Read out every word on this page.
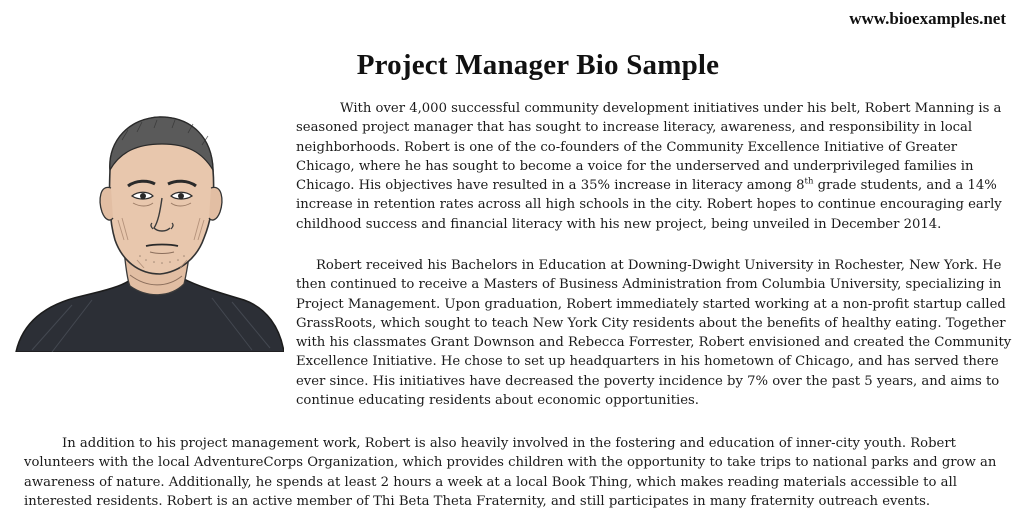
www.bioexamples.net
Project Manager Bio Sample

With over 4,000 successful community development initiatives under his belt, Robert Manning is a seasoned project manager that has sought to increase literacy, awareness, and responsibility in local neighborhoods. Robert is one of the co-founders of the Community Excellence Initiative of Greater Chicago, where he has sought to become a voice for the underserved and underprivileged families in Chicago. His objectives have resulted in a 35% increase in literacy among 8th grade students, and a 14% increase in retention rates across all high schools in the city. Robert hopes to continue encouraging early childhood success and financial literacy with his new project, being unveiled in December 2014.

Robert received his Bachelors in Education at Downing-Dwight University in Rochester, New York. He then continued to receive a Masters of Business Administration from Columbia University, specializing in Project Management. Upon graduation, Robert immediately started working at a non-profit startup called GrassRoots, which sought to teach New York City residents about the benefits of healthy eating. Together with his classmates Grant Downson and Rebecca Forrester, Robert envisioned and created the Community Excellence Initiative. He chose to set up headquarters in his hometown of Chicago, and has served there ever since. His initiatives have decreased the poverty incidence by 7% over the past 5 years, and aims to continue educating residents about economic opportunities.

In addition to his project management work, Robert is also heavily involved in the fostering and education of inner-city youth. Robert volunteers with the local AdventureCorps Organization, which provides children with the opportunity to take trips to national parks and grow an awareness of nature. Additionally, he spends at least 2 hours a week at a local Book Thing, which makes reading materials accessible to all interested residents. Robert is an active member of Thi Beta Theta Fraternity, and still participates in many fraternity outreach events.
